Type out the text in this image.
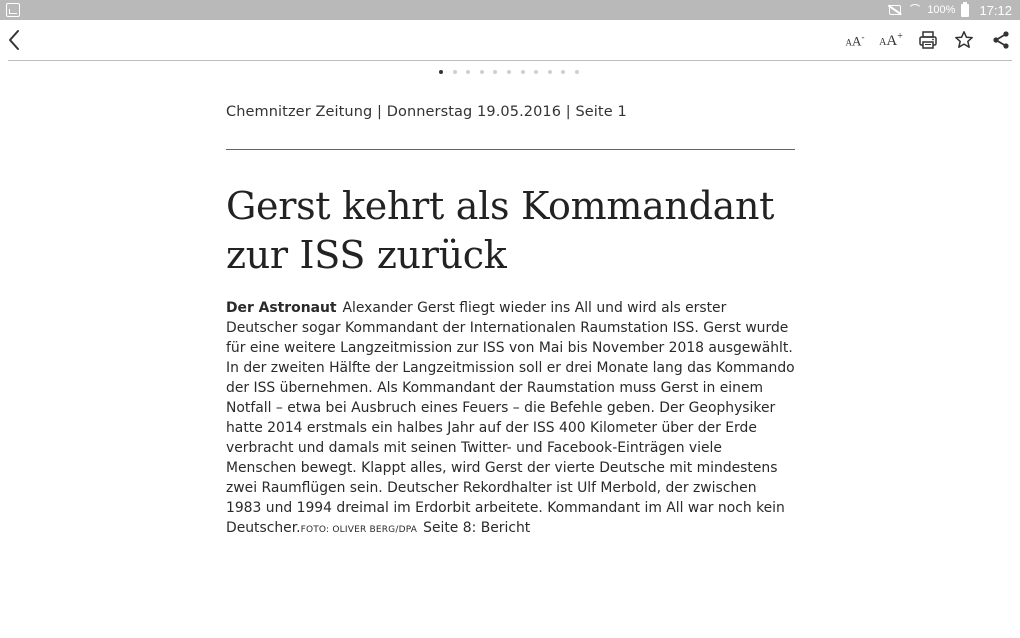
100% 17:12
AA- AA+
Chemnitzer Zeitung | Donnerstag 19.05.2016 | Seite 1
Gerst kehrt als Kommandant zur ISS zurück

Der Astronaut Alexander Gerst fliegt wieder ins All und wird als erster Deutscher sogar Kommandant der Internationalen Raumstation ISS. Gerst wurde für eine weitere Langzeitmission zur ISS von Mai bis November 2018 ausgewählt. In der zweiten Hälfte der Langzeitmission soll er drei Monate lang das Kommando der ISS übernehmen. Als Kommandant der Raumstation muss Gerst in einem Notfall – etwa bei Ausbruch eines Feuers – die Befehle geben. Der Geophysiker hatte 2014 erstmals ein halbes Jahr auf der ISS 400 Kilometer über der Erde verbracht und damals mit seinen Twitter- und Facebook-Einträgen viele Menschen bewegt. Klappt alles, wird Gerst der vierte Deutsche mit mindestens zwei Raumflügen sein. Deutscher Rekordhalter ist Ulf Merbold, der zwischen 1983 und 1994 dreimal im Erdorbit arbeitete. Kommandant im All war noch kein Deutscher.FOTO: OLIVER BERG/DPA Seite 8: Bericht
